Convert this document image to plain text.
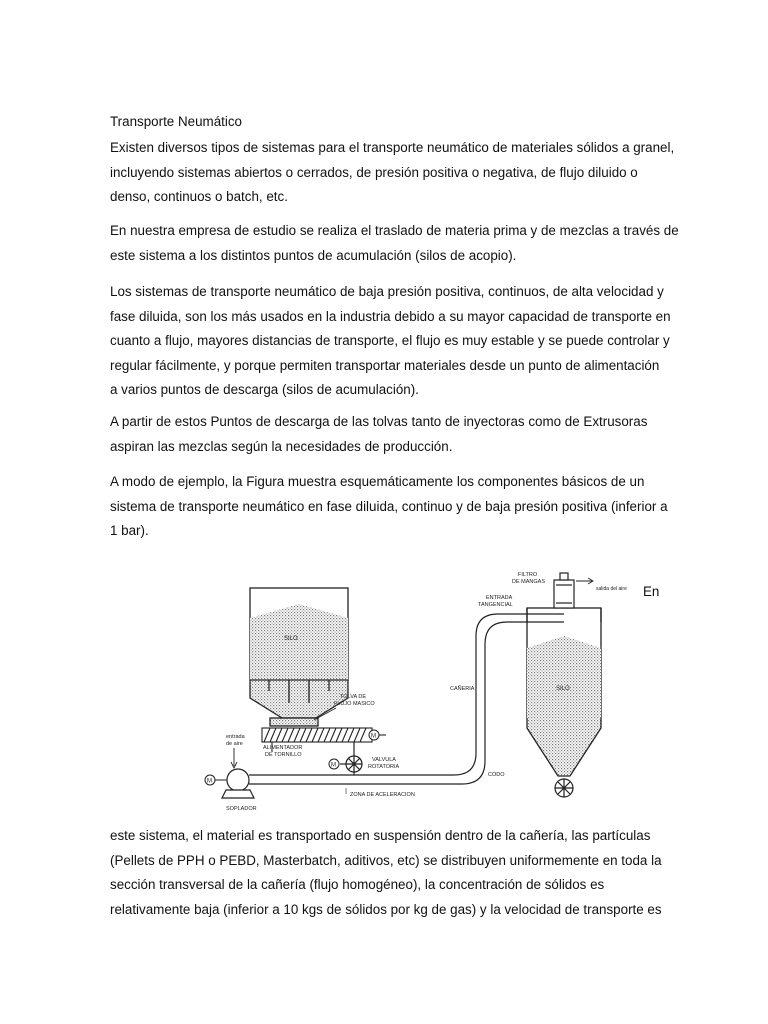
Transporte Neumático
Existen diversos tipos de sistemas para el transporte neumático de materiales sólidos a granel,
incluyendo sistemas abiertos o cerrados, de presión positiva o negativa, de flujo diluido o
denso, continuos o batch, etc.
En nuestra empresa de estudio se realiza el traslado de materia prima y de mezclas a través de
este sistema a los distintos puntos de acumulación (silos de acopio).
Los sistemas de transporte neumático de baja presión positiva, continuos, de alta velocidad y
fase diluida, son los más usados en la industria debido a su mayor capacidad de transporte en
cuanto a flujo, mayores distancias de transporte, el flujo es muy estable y se puede controlar y
regular fácilmente, y porque permiten transportar materiales desde un punto de alimentación
a varios puntos de descarga (silos de acumulación).
A partir de estos Puntos de descarga de las tolvas tanto de inyectoras como de Extrusoras
aspiran las mezclas según la necesidades de producción.
A modo de ejemplo, la Figura muestra esquemáticamente los componentes básicos de un
sistema de transporte neumático en fase diluida, continuo y de baja presión positiva (inferior a
1 bar).
SILO
M
TOLVA DE
FLUJO MASICO
ALIMENTADOR
DE TORNILLO
M
VALVULA
ROTATORIA
entrada
de aire
M
SOPLADOR
ZONA DE ACELERACION
CODO
CAÑERIA
ENTRADA
TANGENCIAL
SILO
FILTRO
DE MANGAS
salida del aire En
este sistema, el material es transportado en suspensión dentro de la cañería, las partículas
(Pellets de PPH o PEBD, Masterbatch, aditivos, etc) se distribuyen uniformemente en toda la
sección transversal de la cañería (flujo homogéneo), la concentración de sólidos es
relativamente baja (inferior a 10 kgs de sólidos por kg de gas) y la velocidad de transporte es
